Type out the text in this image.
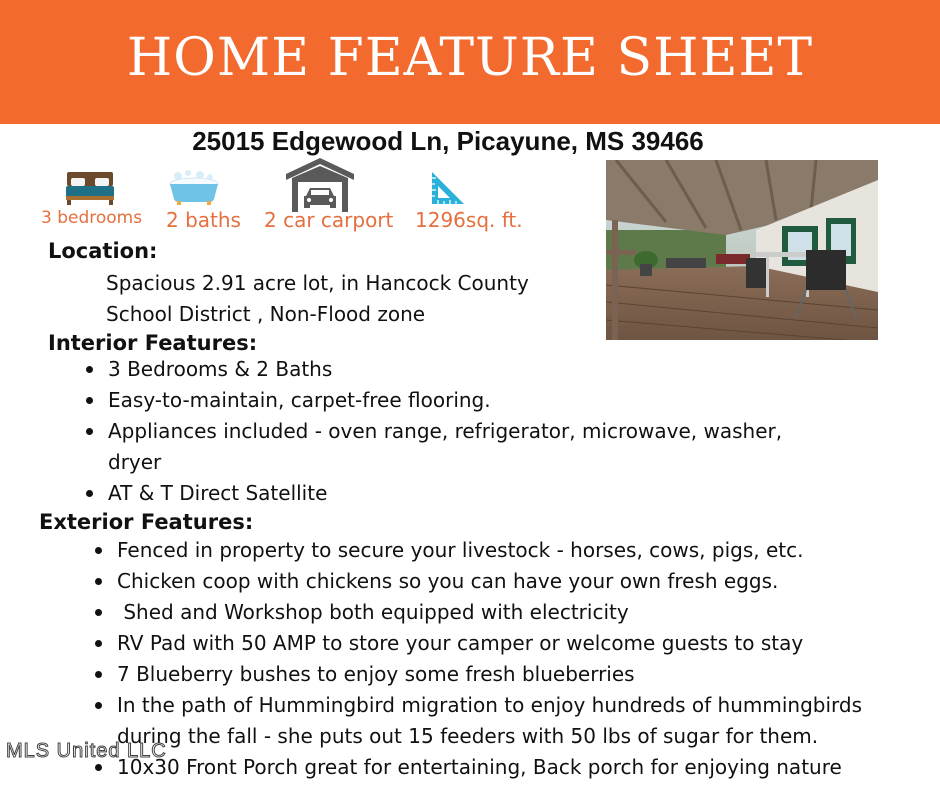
HOME FEATURE SHEET
25015 Edgewood Ln, Picayune, MS 39466
3 bedrooms 2 baths 2 car carport 1296sq. ft.
Location:
Spacious 2.91 acre lot, in Hancock County
School District , Non-Flood zone
Interior Features:
3 Bedrooms & 2 Baths
Easy-to-maintain, carpet-free flooring.
Appliances included - oven range, refrigerator, microwave, washer,
dryer
AT & T Direct Satellite
Exterior Features:
Fenced in property to secure your livestock - horses, cows, pigs, etc.
Chicken coop with chickens so you can have your own fresh eggs.
Shed and Workshop both equipped with electricity
RV Pad with 50 AMP to store your camper or welcome guests to stay
7 Blueberry bushes to enjoy some fresh blueberries
In the path of Hummingbird migration to enjoy hundreds of hummingbirds
during the fall - she puts out 15 feeders with 50 lbs of sugar for them.
10x30 Front Porch great for entertaining, Back porch for enjoying nature
MLS United LLC
